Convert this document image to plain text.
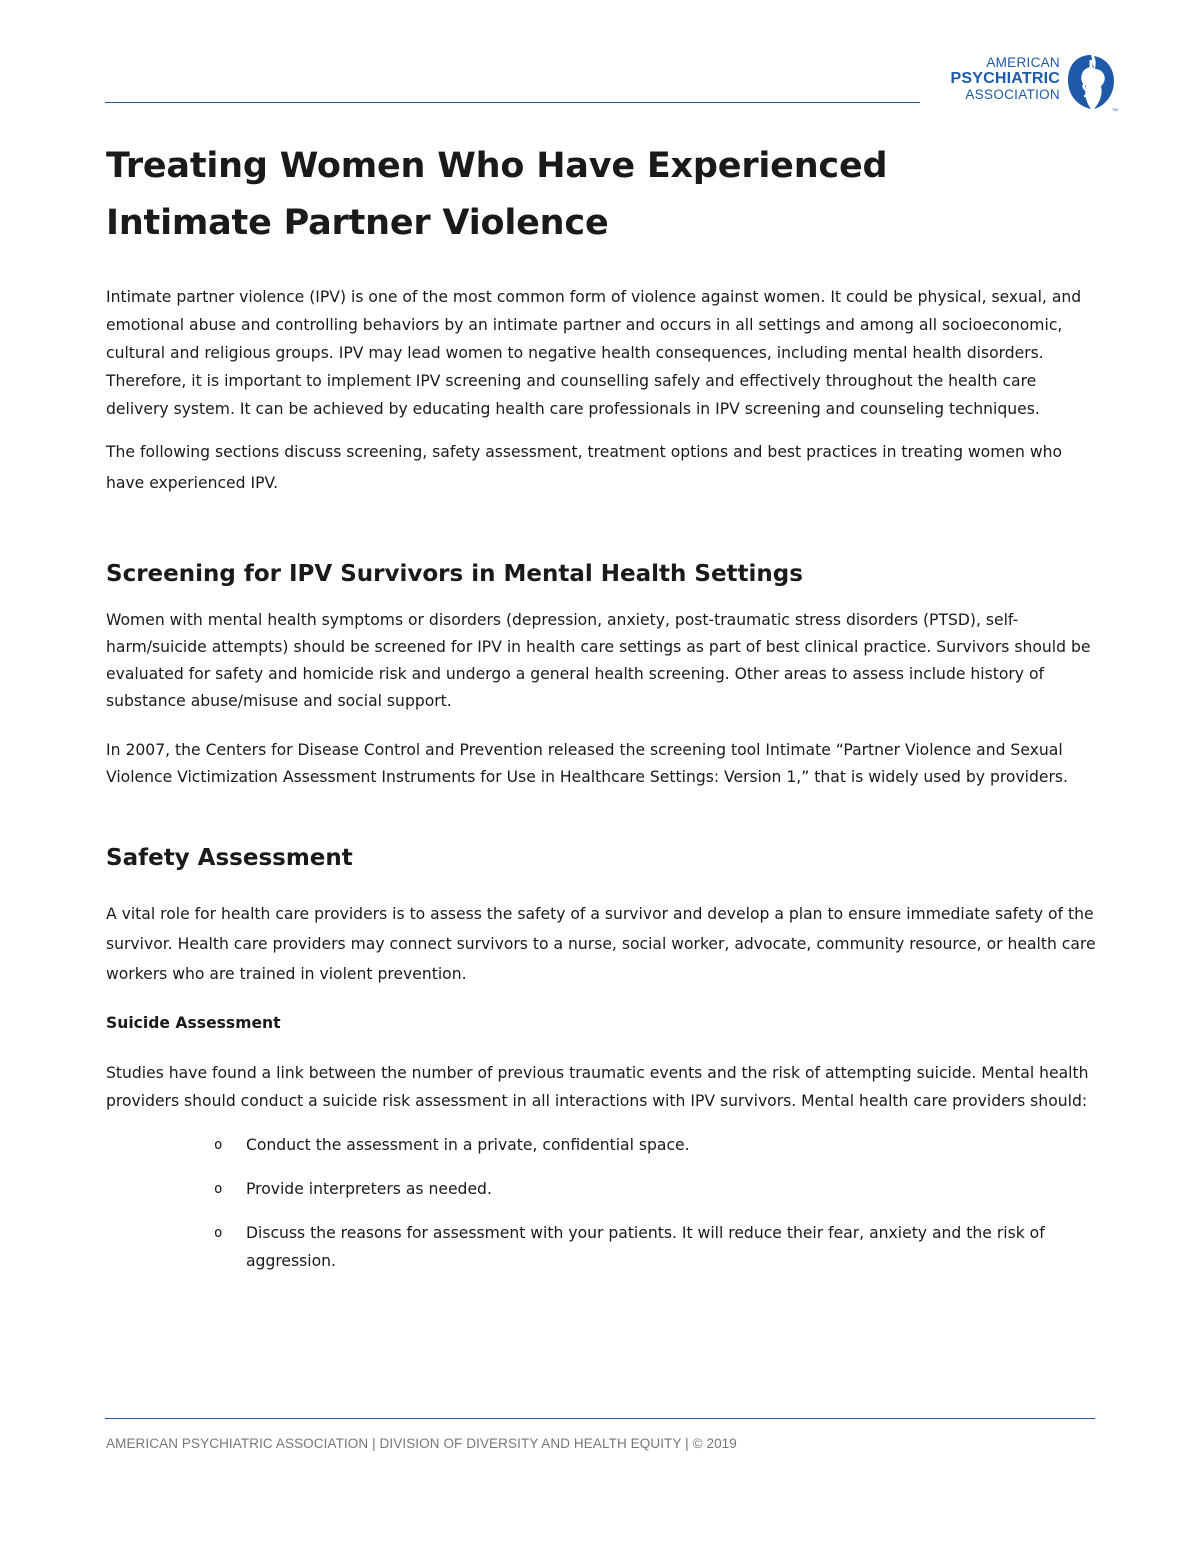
AMERICAN
PSYCHIATRIC
ASSOCIATION
TM
Treating Women Who Have Experienced
Intimate Partner Violence

Intimate partner violence (IPV) is one of the most common form of violence against women. It could be physical, sexual, and emotional abuse and controlling behaviors by an intimate partner and occurs in all settings and among all socioeconomic, cultural and religious groups. IPV may lead women to negative health consequences, including mental health disorders. Therefore, it is important to implement IPV screening and counselling safely and effectively throughout the health care delivery system. It can be achieved by educating health care professionals in IPV screening and counseling techniques.

The following sections discuss screening, safety assessment, treatment options and best practices in treating women who have experienced IPV.

Screening for IPV Survivors in Mental Health Settings

Women with mental health symptoms or disorders (depression, anxiety, post-traumatic stress disorders (PTSD), self-harm/suicide attempts) should be screened for IPV in health care settings as part of best clinical practice. Survivors should be evaluated for safety and homicide risk and undergo a general health screening. Other areas to assess include history of substance abuse/misuse and social support.

In 2007, the Centers for Disease Control and Prevention released the screening tool Intimate “Partner Violence and Sexual Violence Victimization Assessment Instruments for Use in Healthcare Settings: Version 1,” that is widely used by providers.

Safety Assessment

A vital role for health care providers is to assess the safety of a survivor and develop a plan to ensure immediate safety of the survivor. Health care providers may connect survivors to a nurse, social worker, advocate, community resource, or health care workers who are trained in violent prevention.

Suicide Assessment

Studies have found a link between the number of previous traumatic events and the risk of attempting suicide. Mental health providers should conduct a suicide risk assessment in all interactions with IPV survivors. Mental health care providers should:

o Conduct the assessment in a private, confidential space.
o Provide interpreters as needed.
o Discuss the reasons for assessment with your patients. It will reduce their fear, anxiety and the risk of aggression.
AMERICAN PSYCHIATRIC ASSOCIATION | DIVISION OF DIVERSITY AND HEALTH EQUITY | © 2019
